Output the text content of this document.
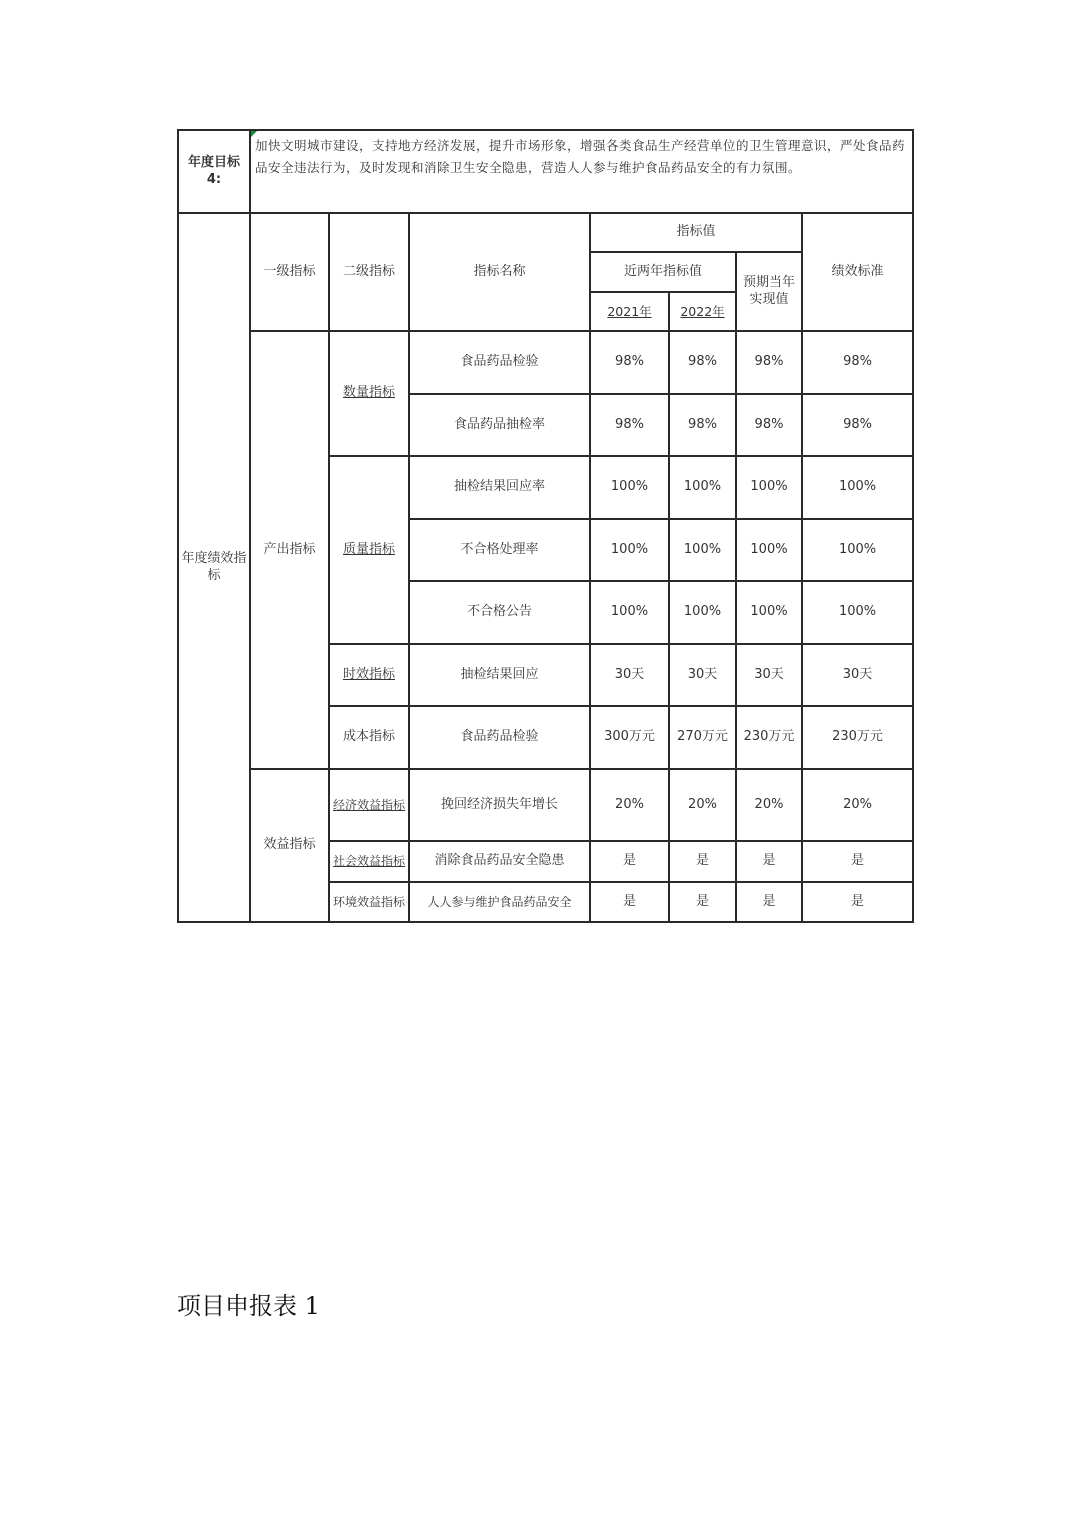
年度目标4:	加快文明城市建设，支持地方经济发展，提升市场形象，增强各类食品生产经营单位的卫生管理意识，严处食品药品安全违法行为，及时发现和消除卫生安全隐患，营造人人参与维护食品药品安全的有力氛围。						
年度绩效指标	一级指标	二级指标	指标名称	指标值			绩效标准
				近两年指标值		预期当年实现值	

				2021年	2022年		
	产出指标	数量指标	食品药品检验	98%	98%	98%	98%
			食品药品抽检率	98%	98%	98%	98%
		质量指标	抽检结果回应率	100%	100%	100%	100%
			不合格处理率	100%	100%	100%	100%
			不合格公告	100%	100%	100%	100%
		时效指标	抽检结果回应	30天	30天	30天	30天
		成本指标	食品药品检验	300万元	270万元	230万元	230万元
	效益指标	经济效益指标	挽回经济损失年增长	20%	20%	20%	20%

		社会效益指标	消除食品药品安全隐患	是	是	是	是

		环境效益指标	人人参与维护食品药品安全	是	是	是	是
项目申报表 1
